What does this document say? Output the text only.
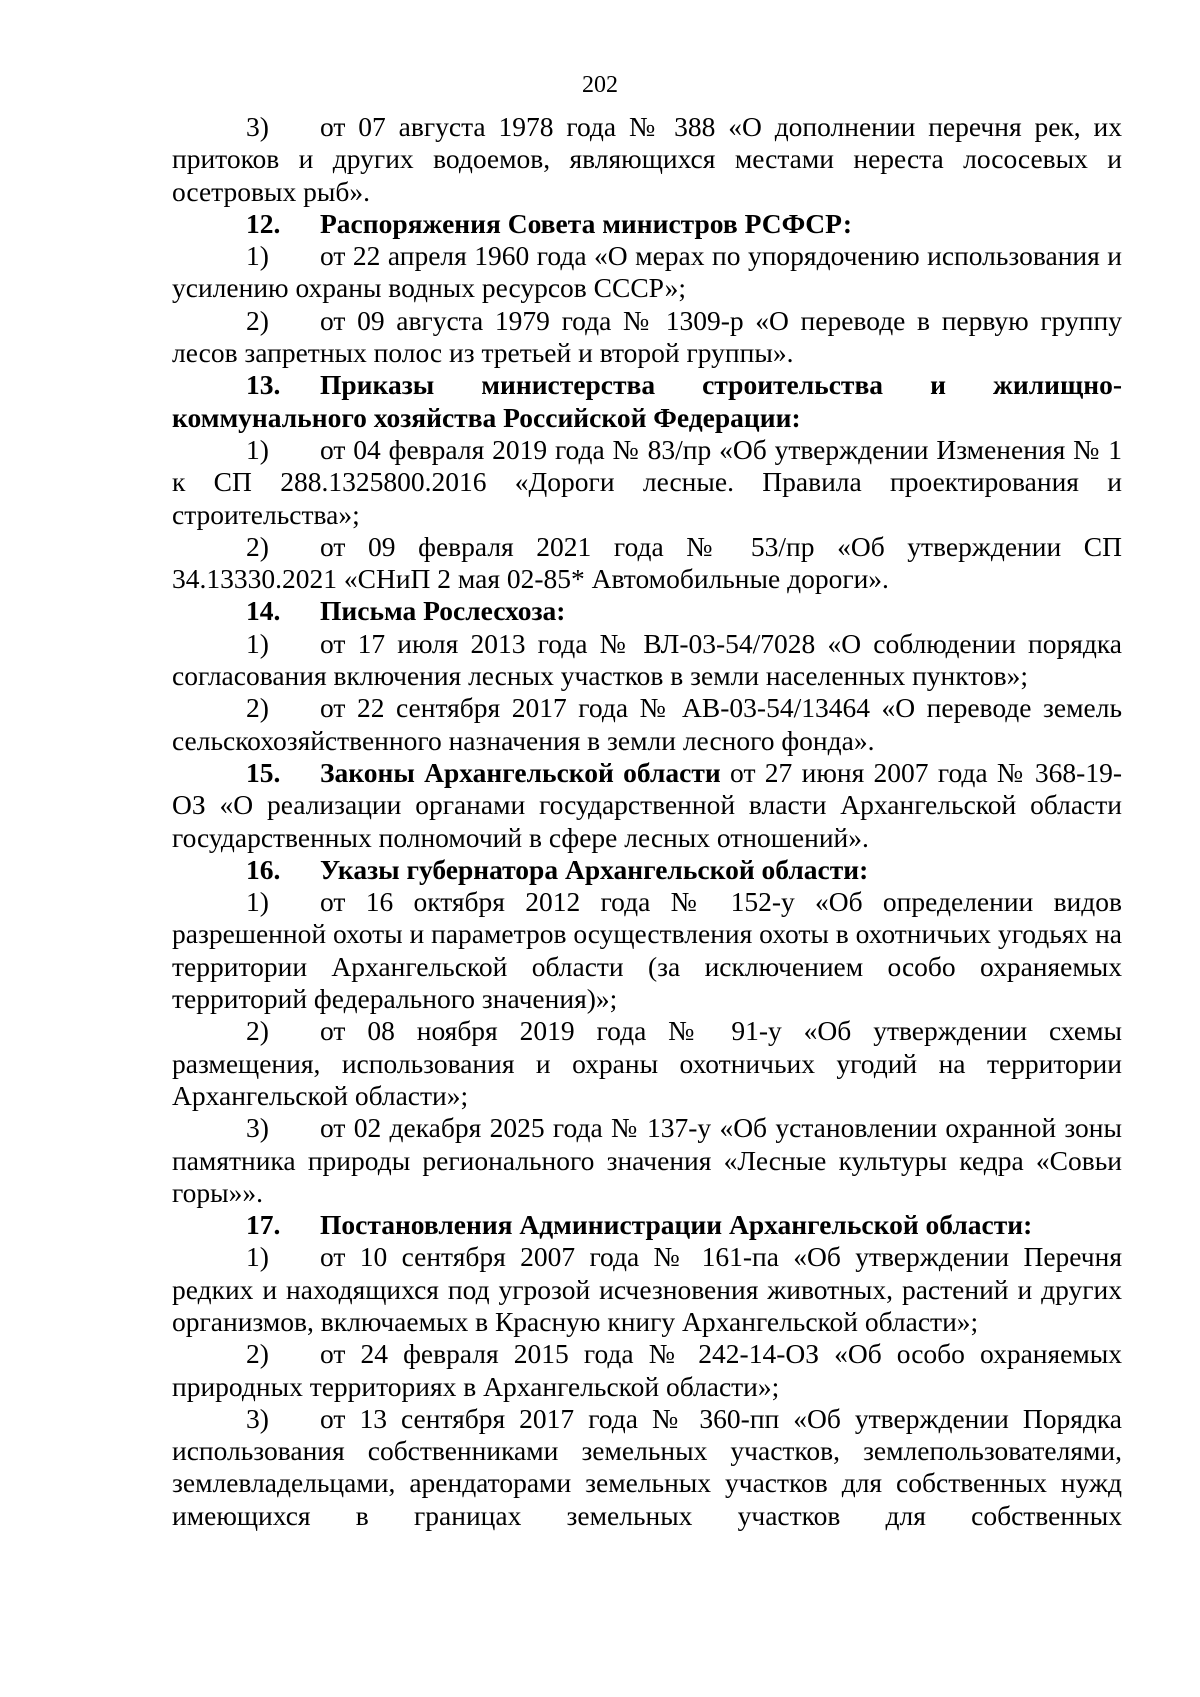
202

3) от 07 августа 1978 года № 388 «О дополнении перечня рек, их притоков и других водоемов, являющихся местами нереста лососевых и осетровых рыб».

12. Распоряжения Совета министров РСФСР:

1) от 22 апреля 1960 года «О мерах по упорядочению использования и усилению охраны водных ресурсов СССР»;

2) от 09 августа 1979 года № 1309-р «О переводе в первую группу лесов запретных полос из третьей и второй группы».

13. Приказы министерства строительства и жилищно-коммунального хозяйства Российской Федерации:

1) от 04 февраля 2019 года № 83/пр «Об утверждении Изменения № 1 к СП 288.1325800.2016 «Дороги лесные. Правила проектирования и строительства»;

2) от 09 февраля 2021 года № 53/пр «Об утверждении СП 34.13330.2021 «СНиП 2 мая 02-85* Автомобильные дороги».

14. Письма Рослесхоза:

1) от 17 июля 2013 года № ВЛ-03-54/7028 «О соблюдении порядка согласования включения лесных участков в земли населенных пунктов»;

2) от 22 сентября 2017 года № АВ-03-54/13464 «О переводе земель сельскохозяйственного назначения в земли лесного фонда».

15. Законы Архангельской области от 27 июня 2007 года № 368-19-ОЗ «О реализации органами государственной власти Архангельской области государственных полномочий в сфере лесных отношений».

16. Указы губернатора Архангельской области:

1) от 16 октября 2012 года № 152-у «Об определении видов разрешенной охоты и параметров осуществления охоты в охотничьих угодьях на территории Архангельской области (за исключением особо охраняемых территорий федерального значения)»;

2) от 08 ноября 2019 года № 91-у «Об утверждении схемы размещения, использования и охраны охотничьих угодий на территории Архангельской области»;

3) от 02 декабря 2025 года № 137-у «Об установлении охранной зоны памятника природы регионального значения «Лесные культуры кедра «Совьи горы»».

17. Постановления Администрации Архангельской области:

1) от 10 сентября 2007 года № 161-па «Об утверждении Перечня редких и находящихся под угрозой исчезновения животных, растений и других организмов, включаемых в Красную книгу Архангельской области»;

2) от 24 февраля 2015 года № 242-14-ОЗ «Об особо охраняемых природных территориях в Архангельской области»;

3) от 13 сентября 2017 года № 360-пп «Об утверждении Порядка использования собственниками земельных участков, землепользователями, землевладельцами, арендаторами земельных участков для собственных нужд имеющихся в границах земельных участков для собственных
